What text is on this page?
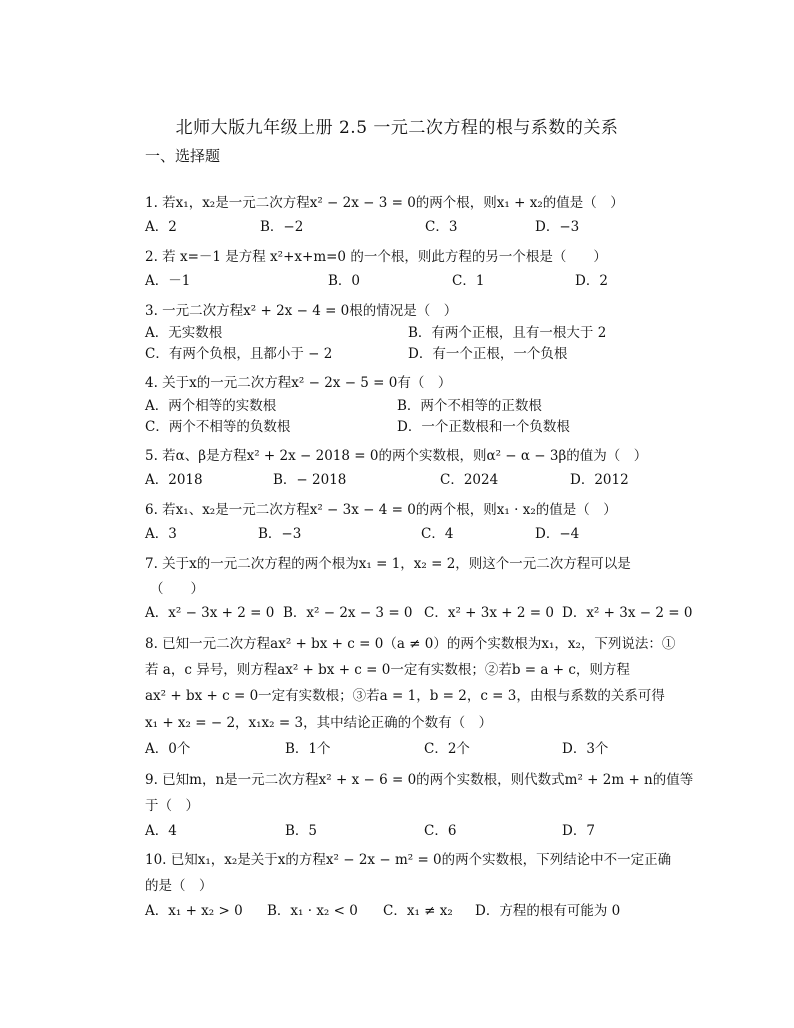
北师大版九年级上册 2.5 一元二次方程的根与系数的关系
一、选择题
1. 若x₁，x₂是一元二次方程x² − 2x − 3 = 0的两个根，则x₁ + x₂的值是（　）
A．2	B．−2	C．3	D．−3
2. 若 x=－1 是方程 x²+x+m=0 的一个根，则此方程的另一个根是（　　）
A．－1	B．0	C．1	D．2
3. 一元二次方程x² + 2x − 4 = 0根的情况是（　）
A．无实数根	B．有两个正根，且有一根大于 2
C．有两个负根，且都小于 − 2	D．有一个正根，一个负根
4. 关于x的一元二次方程x² − 2x − 5 = 0有（　）
A．两个相等的实数根	B．两个不相等的正数根
C．两个不相等的负数根	D．一个正数根和一个负数根
5. 若α、β是方程x² + 2x − 2018 = 0的两个实数根，则α² − α − 3β的值为（　）
A．2018	B．− 2018	C．2024	D．2012
6. 若x₁、x₂是一元二次方程x² − 3x − 4 = 0的两个根，则x₁ · x₂的值是（　）
A．3	B．−3	C．4	D．−4
7. 关于x的一元二次方程的两个根为x₁ = 1，x₂ = 2，则这个一元二次方程可以是
（　　）
A．x² − 3x + 2 = 0 B．x² − 2x − 3 = 0 C．x² + 3x + 2 = 0 D．x² + 3x − 2 = 0
8. 已知一元二次方程ax² + bx + c = 0（a ≠ 0）的两个实数根为x₁，x₂，下列说法：①
若 a，c 异号，则方程ax² + bx + c = 0一定有实数根；②若b = a + c，则方程
ax² + bx + c = 0一定有实数根；③若a = 1，b = 2，c = 3，由根与系数的关系可得
x₁ + x₂ = − 2，x₁x₂ = 3，其中结论正确的个数有（　）
A．0个	B．1个	C．2个	D．3个
9. 已知m，n是一元二次方程x² + x − 6 = 0的两个实数根，则代数式m² + 2m + n的值等
于（　）
A．4	B．5	C．6	D．7
10. 已知x₁，x₂是关于x的方程x² − 2x − m² = 0的两个实数根，下列结论中不一定正确
的是（　）
A．x₁ + x₂ > 0 B．x₁ · x₂ < 0 C．x₁ ≠ x₂ D．方程的根有可能为 0
